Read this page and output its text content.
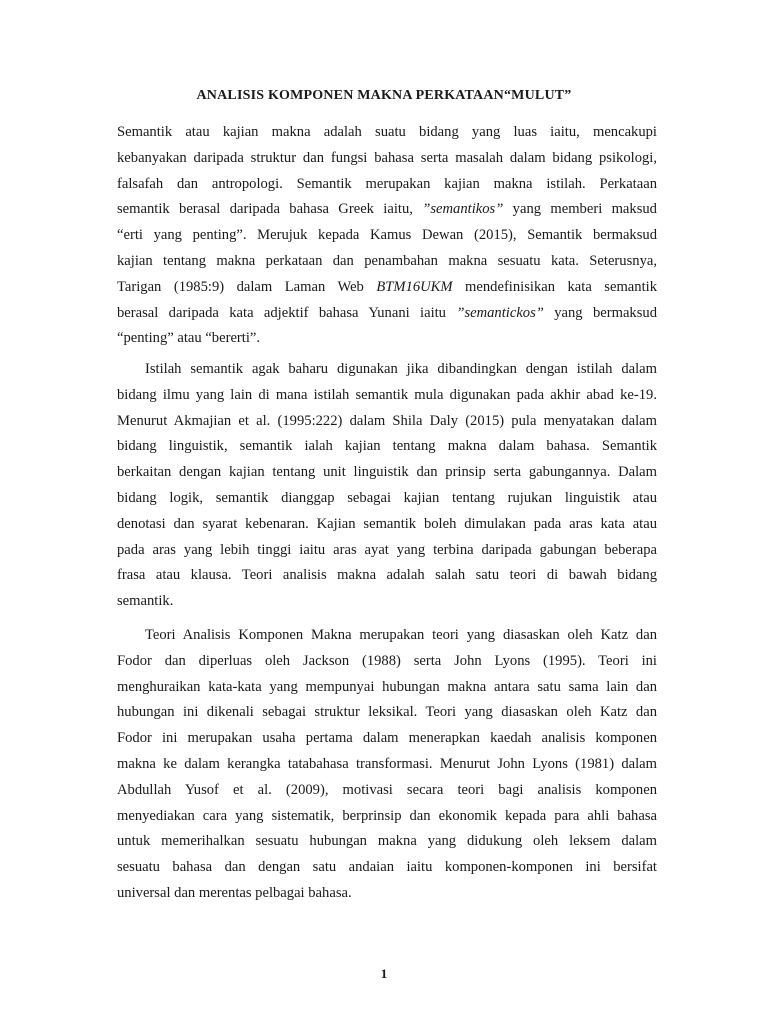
ANALISIS KOMPONEN MAKNA PERKATAAN“MULUT”
Semantik atau kajian makna adalah suatu bidang yang luas iaitu, mencakupi
kebanyakan daripada struktur dan fungsi bahasa serta masalah dalam bidang psikologi,
falsafah dan antropologi. Semantik merupakan kajian makna istilah. Perkataan
semantik berasal daripada bahasa Greek iaitu, ”semantikos” yang memberi maksud
“erti yang penting”. Merujuk kepada Kamus Dewan (2015), Semantik bermaksud
kajian tentang makna perkataan dan penambahan makna sesuatu kata. Seterusnya,
Tarigan (1985:9) dalam Laman Web BTM16UKM mendefinisikan kata semantik
berasal daripada kata adjektif bahasa Yunani iaitu ”semantickos” yang bermaksud
“penting” atau “bererti”.
Istilah semantik agak baharu digunakan jika dibandingkan dengan istilah dalam
bidang ilmu yang lain di mana istilah semantik mula digunakan pada akhir abad ke-19.
Menurut Akmajian et al. (1995:222) dalam Shila Daly (2015) pula menyatakan dalam
bidang linguistik, semantik ialah kajian tentang makna dalam bahasa. Semantik
berkaitan dengan kajian tentang unit linguistik dan prinsip serta gabungannya. Dalam
bidang logik, semantik dianggap sebagai kajian tentang rujukan linguistik atau
denotasi dan syarat kebenaran. Kajian semantik boleh dimulakan pada aras kata atau
pada aras yang lebih tinggi iaitu aras ayat yang terbina daripada gabungan beberapa
frasa atau klausa. Teori analisis makna adalah salah satu teori di bawah bidang
semantik.
Teori Analisis Komponen Makna merupakan teori yang diasaskan oleh Katz dan
Fodor dan diperluas oleh Jackson (1988) serta John Lyons (1995). Teori ini
menghuraikan kata-kata yang mempunyai hubungan makna antara satu sama lain dan
hubungan ini dikenali sebagai struktur leksikal. Teori yang diasaskan oleh Katz dan
Fodor ini merupakan usaha pertama dalam menerapkan kaedah analisis komponen
makna ke dalam kerangka tatabahasa transformasi. Menurut John Lyons (1981) dalam
Abdullah Yusof et al. (2009), motivasi secara teori bagi analisis komponen
menyediakan cara yang sistematik, berprinsip dan ekonomik kepada para ahli bahasa
untuk memerihalkan sesuatu hubungan makna yang didukung oleh leksem dalam
sesuatu bahasa dan dengan satu andaian iaitu komponen-komponen ini bersifat
universal dan merentas pelbagai bahasa.
1
